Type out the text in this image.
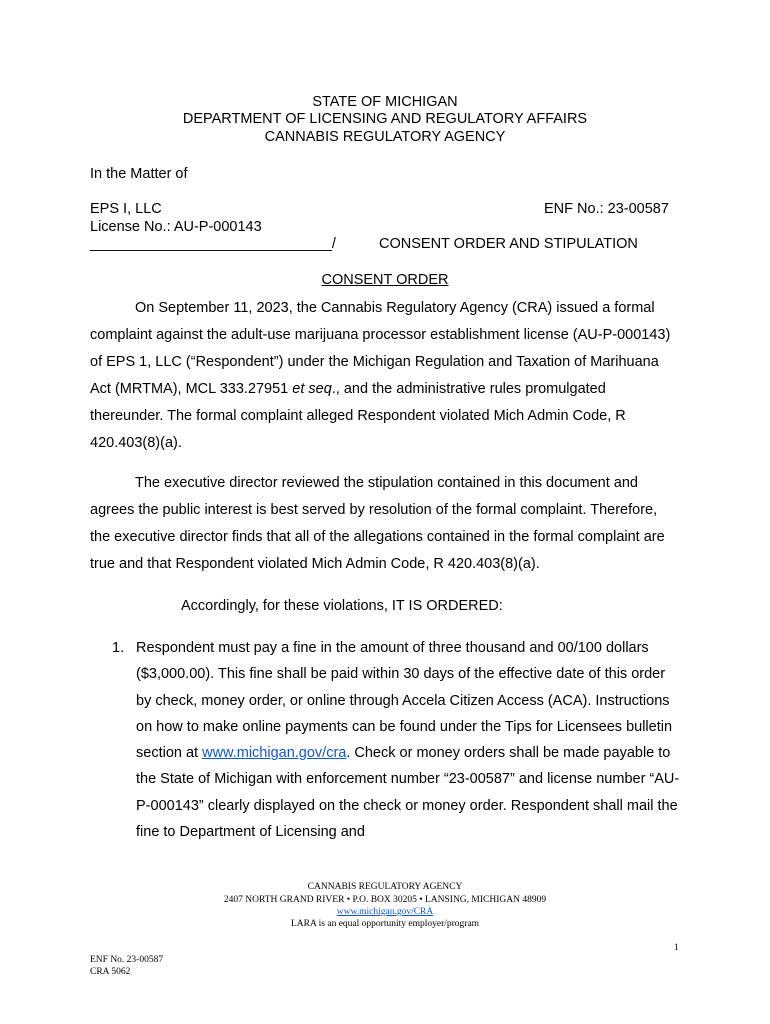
STATE OF MICHIGAN
DEPARTMENT OF LICENSING AND REGULATORY AFFAIRS
CANNABIS REGULATORY AGENCY
In the Matter of
EPS I, LLC	ENF No.: 23-00587
License No.: AU-P-000143
______________________________/	CONSENT ORDER AND STIPULATION
CONSENT ORDER
On September 11, 2023, the Cannabis Regulatory Agency (CRA) issued a formal complaint against the adult-use marijuana processor establishment license (AU-P-000143) of EPS 1, LLC (“Respondent”) under the Michigan Regulation and Taxation of Marihuana Act (MRTMA), MCL 333.27951 et seq., and the administrative rules promulgated thereunder. The formal complaint alleged Respondent violated Mich Admin Code, R 420.403(8)(a).
The executive director reviewed the stipulation contained in this document and agrees the public interest is best served by resolution of the formal complaint. Therefore, the executive director finds that all of the allegations contained in the formal complaint are true and that Respondent violated Mich Admin Code, R 420.403(8)(a).
Accordingly, for these violations, IT IS ORDERED:
1. Respondent must pay a fine in the amount of three thousand and 00/100 dollars ($3,000.00). This fine shall be paid within 30 days of the effective date of this order by check, money order, or online through Accela Citizen Access (ACA). Instructions on how to make online payments can be found under the Tips for Licensees bulletin section at www.michigan.gov/cra. Check or money orders shall be made payable to the State of Michigan with enforcement number “23-00587” and license number “AU-P-000143” clearly displayed on the check or money order. Respondent shall mail the fine to Department of Licensing and
CANNABIS REGULATORY AGENCY
2407 NORTH GRAND RIVER • P.O. BOX 30205 • LANSING, MICHIGAN 48909
www.michigan.gov/CRA
LARA is an equal opportunity employer/program
1
ENF No. 23-00587
CRA 5062
